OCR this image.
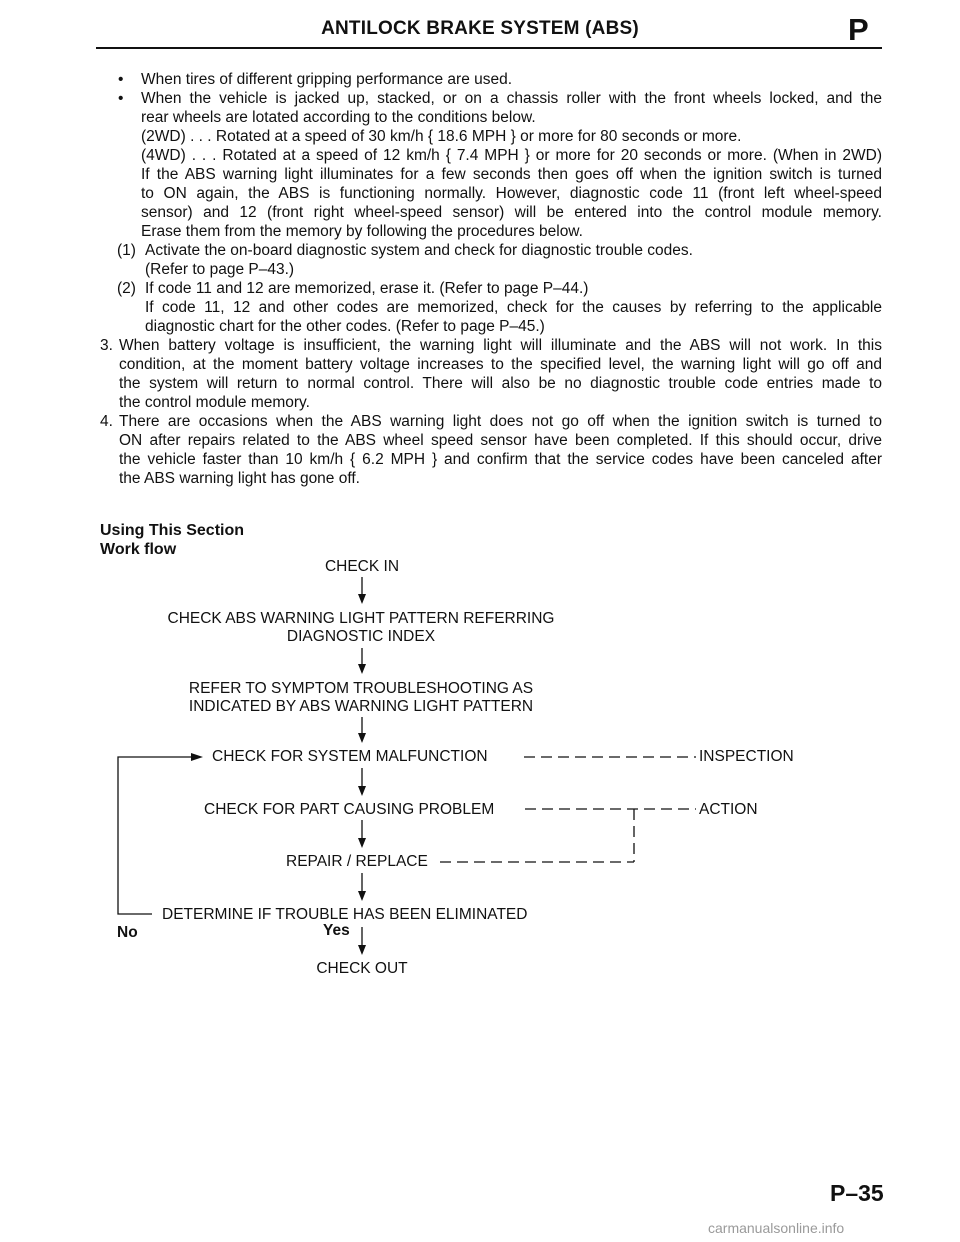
ANTILOCK BRAKE SYSTEM (ABS)	P
• When tires of different gripping performance are used.
• When the vehicle is jacked up, stacked, or on a chassis roller with the front wheels locked, and the
rear wheels are lotated according to the conditions below.
(2WD) . . . Rotated at a speed of 30 km/h { 18.6 MPH } or more for 80 seconds or more.
(4WD) . . . Rotated at a speed of 12 km/h { 7.4 MPH } or more for 20 seconds or more. (When in 2WD)
If the ABS warning light illuminates for a few seconds then goes off when the ignition switch is turned
to ON again, the ABS is functioning normally. However, diagnostic code 11 (front left wheel-speed
sensor) and 12 (front right wheel-speed sensor) will be entered into the control module memory.
Erase them from the memory by following the procedures below.
(1) Activate the on-board diagnostic system and check for diagnostic trouble codes.
(Refer to page P–43.)
(2) If code 11 and 12 are memorized, erase it. (Refer to page P–44.)
If code 11, 12 and other codes are memorized, check for the causes by referring to the applicable
diagnostic chart for the other codes. (Refer to page P–45.)
3. When battery voltage is insufficient, the warning light will illuminate and the ABS will not work. In this
condition, at the moment battery voltage increases to the specified level, the warning light will go off and
the system will return to normal control. There will also be no diagnostic trouble code entries made to
the control module memory.
4. There are occasions when the ABS warning light does not go off when the ignition switch is turned to
ON after repairs related to the ABS wheel speed sensor have been completed. If this should occur, drive
the vehicle faster than 10 km/h { 6.2 MPH } and confirm that the service codes have been canceled after
the ABS warning light has gone off.
Using This Section
Work flow
CHECK IN
CHECK ABS WARNING LIGHT PATTERN REFERRING
DIAGNOSTIC INDEX
REFER TO SYMPTOM TROUBLESHOOTING AS
INDICATED BY ABS WARNING LIGHT PATTERN
CHECK FOR SYSTEM MALFUNCTION	INSPECTION
CHECK FOR PART CAUSING PROBLEM	ACTION
REPAIR / REPLACE
DETERMINE IF TROUBLE HAS BEEN ELIMINATED
No	Yes
CHECK OUT
P–35
carmanualsonline.info
